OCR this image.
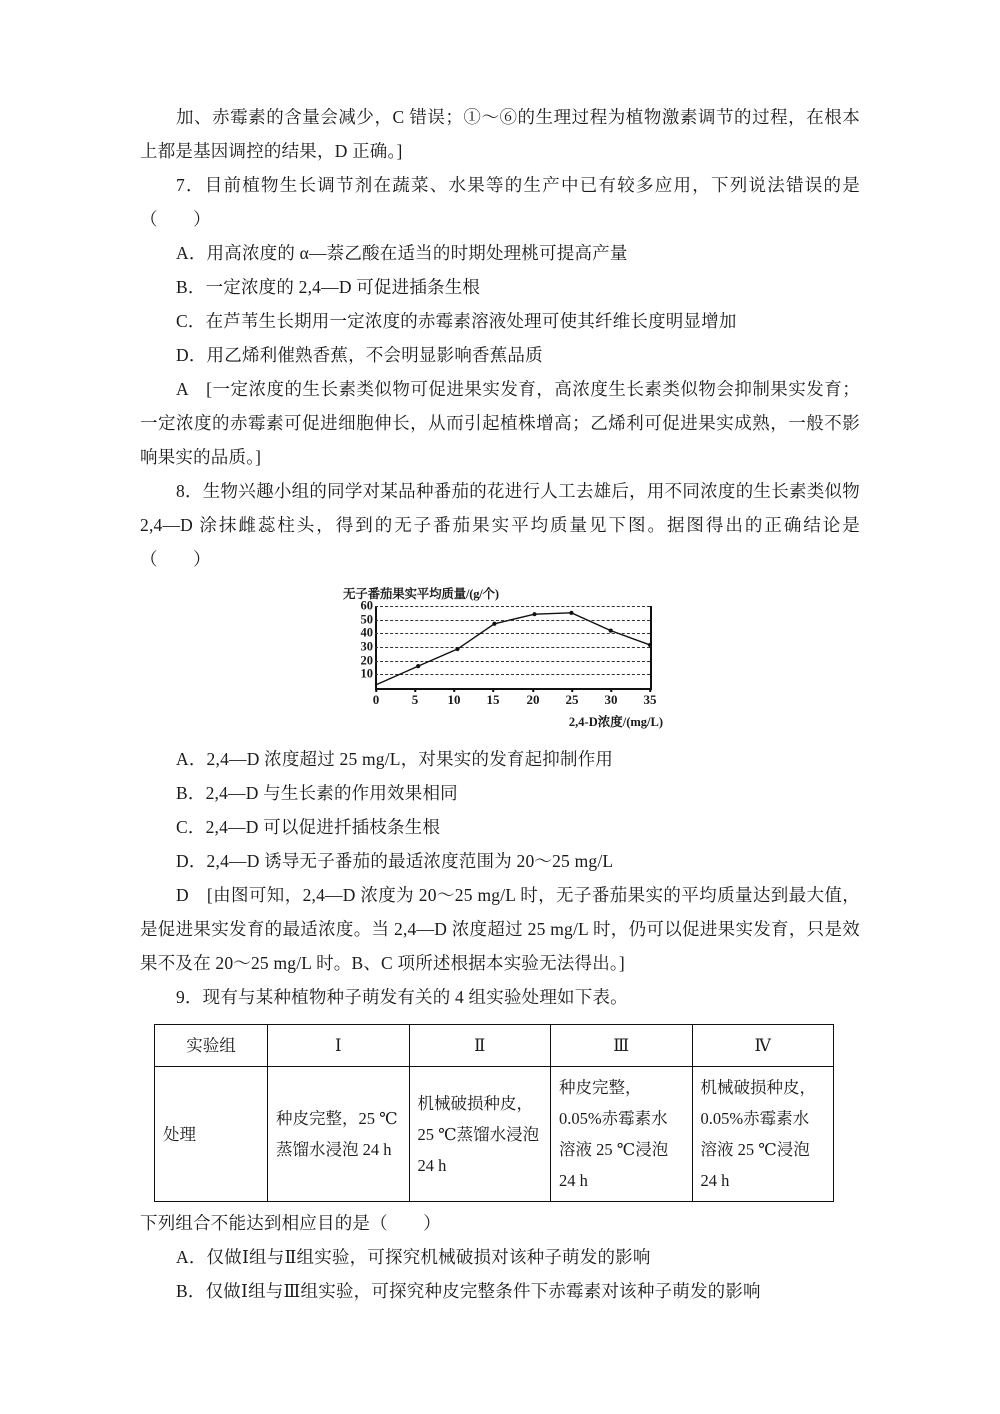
加、赤霉素的含量会减少，C 错误；①～⑥的生理过程为植物激素调节的过程，在根本上都是基因调控的结果，D 正确。]

7．目前植物生长调节剂在蔬菜、水果等的生产中已有较多应用，下列说法错误的是（　　）

A．用高浓度的 α—萘乙酸在适当的时期处理桃可提高产量

B．一定浓度的 2,4—D 可促进插条生根

C．在芦苇生长期用一定浓度的赤霉素溶液处理可使其纤维长度明显增加

D．用乙烯利催熟香蕉，不会明显影响香蕉品质

A　[一定浓度的生长素类似物可促进果实发育，高浓度生长素类似物会抑制果实发育；一定浓度的赤霉素可促进细胞伸长，从而引起植株增高；乙烯利可促进果实成熟，一般不影响果实的品质。]

8．生物兴趣小组的同学对某品种番茄的花进行人工去雄后，用不同浓度的生长素类似物 2,4—D 涂抹雌蕊柱头，得到的无子番茄果实平均质量见下图。据图得出的正确结论是（　　）

无子番茄果实平均质量/(g/个)
60
50
40
30
20
10
0	5 10 15 20 25 30 35
2,4-D浓度/(mg/L)

A．2,4—D 浓度超过 25 mg/L，对果实的发育起抑制作用

B．2,4—D 与生长素的作用效果相同

C．2,4—D 可以促进扦插枝条生根

D．2,4—D 诱导无子番茄的最适浓度范围为 20～25 mg/L

D　[由图可知，2,4—D 浓度为 20～25 mg/L 时，无子番茄果实的平均质量达到最大值，是促进果实发育的最适浓度。当 2,4—D 浓度超过 25 mg/L 时，仍可以促进果实发育，只是效果不及在 20～25 mg/L 时。B、C 项所述根据本实验无法得出。]

9．现有与某种植物种子萌发有关的 4 组实验处理如下表。

实验组	Ⅰ	Ⅱ	Ⅲ	Ⅳ
处理	种皮完整，25 ℃蒸馏水浸泡 24 h	机械破损种皮，25 ℃蒸馏水浸泡 24 h	种皮完整，0.05%赤霉素水溶液 25 ℃浸泡 24 h	机械破损种皮，0.05%赤霉素水溶液 25 ℃浸泡 24 h

下列组合不能达到相应目的是（　　）

A．仅做Ⅰ组与Ⅱ组实验，可探究机械破损对该种子萌发的影响

B．仅做Ⅰ组与Ⅲ组实验，可探究种皮完整条件下赤霉素对该种子萌发的影响
